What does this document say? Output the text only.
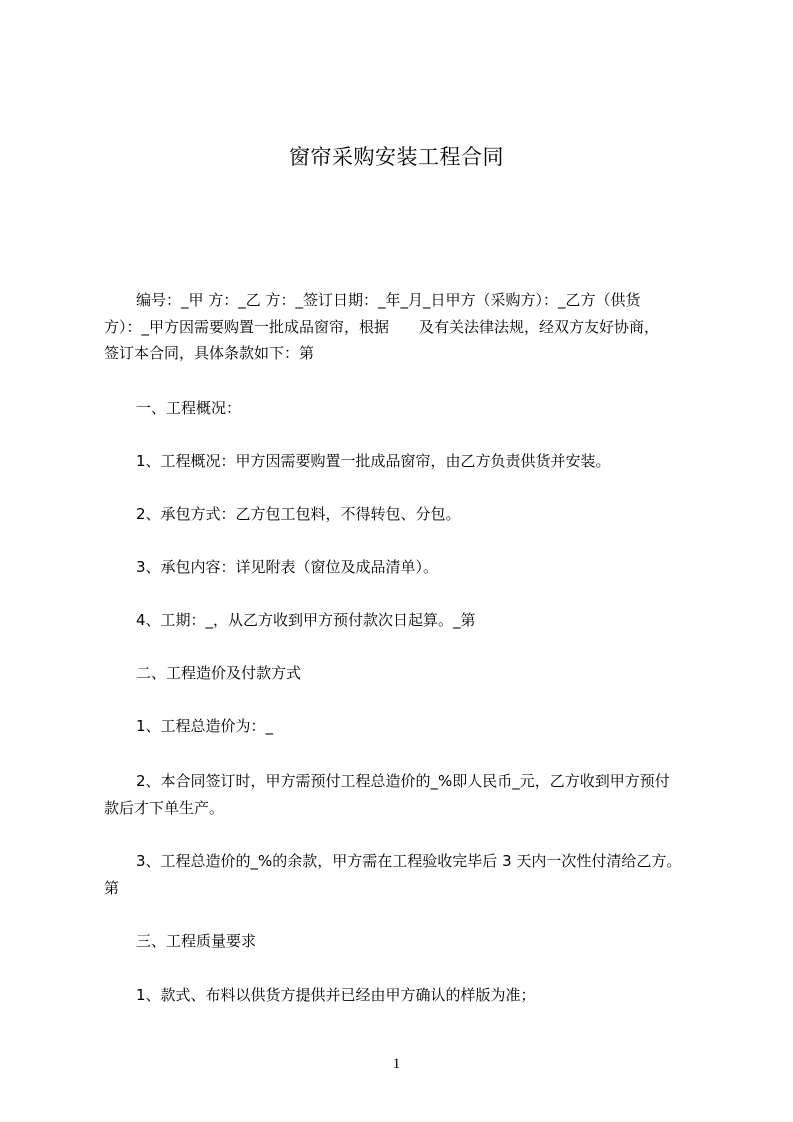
窗帘采购安装工程合同
编号：_甲 方：_乙 方：_签订日期：_年_月_日甲方（采购方）：_乙方（供货
方）：_甲方因需要购置一批成品窗帘，根据　　及有关法律法规，经双方友好协商，
签订本合同，具体条款如下：第
一、工程概况：
1、工程概况：甲方因需要购置一批成品窗帘，由乙方负责供货并安装。
2、承包方式：乙方包工包料，不得转包、分包。
3、承包内容：详见附表（窗位及成品清单）。
4、工期：_，从乙方收到甲方预付款次日起算。_第
二、工程造价及付款方式
1、工程总造价为：_
2、本合同签订时，甲方需预付工程总造价的_%即人民币_元，乙方收到甲方预付
款后才下单生产。
3、工程总造价的_%的余款，甲方需在工程验收完毕后 3 天内一次性付清给乙方。
第
三、工程质量要求
1、款式、布料以供货方提供并已经由甲方确认的样版为准；
1
